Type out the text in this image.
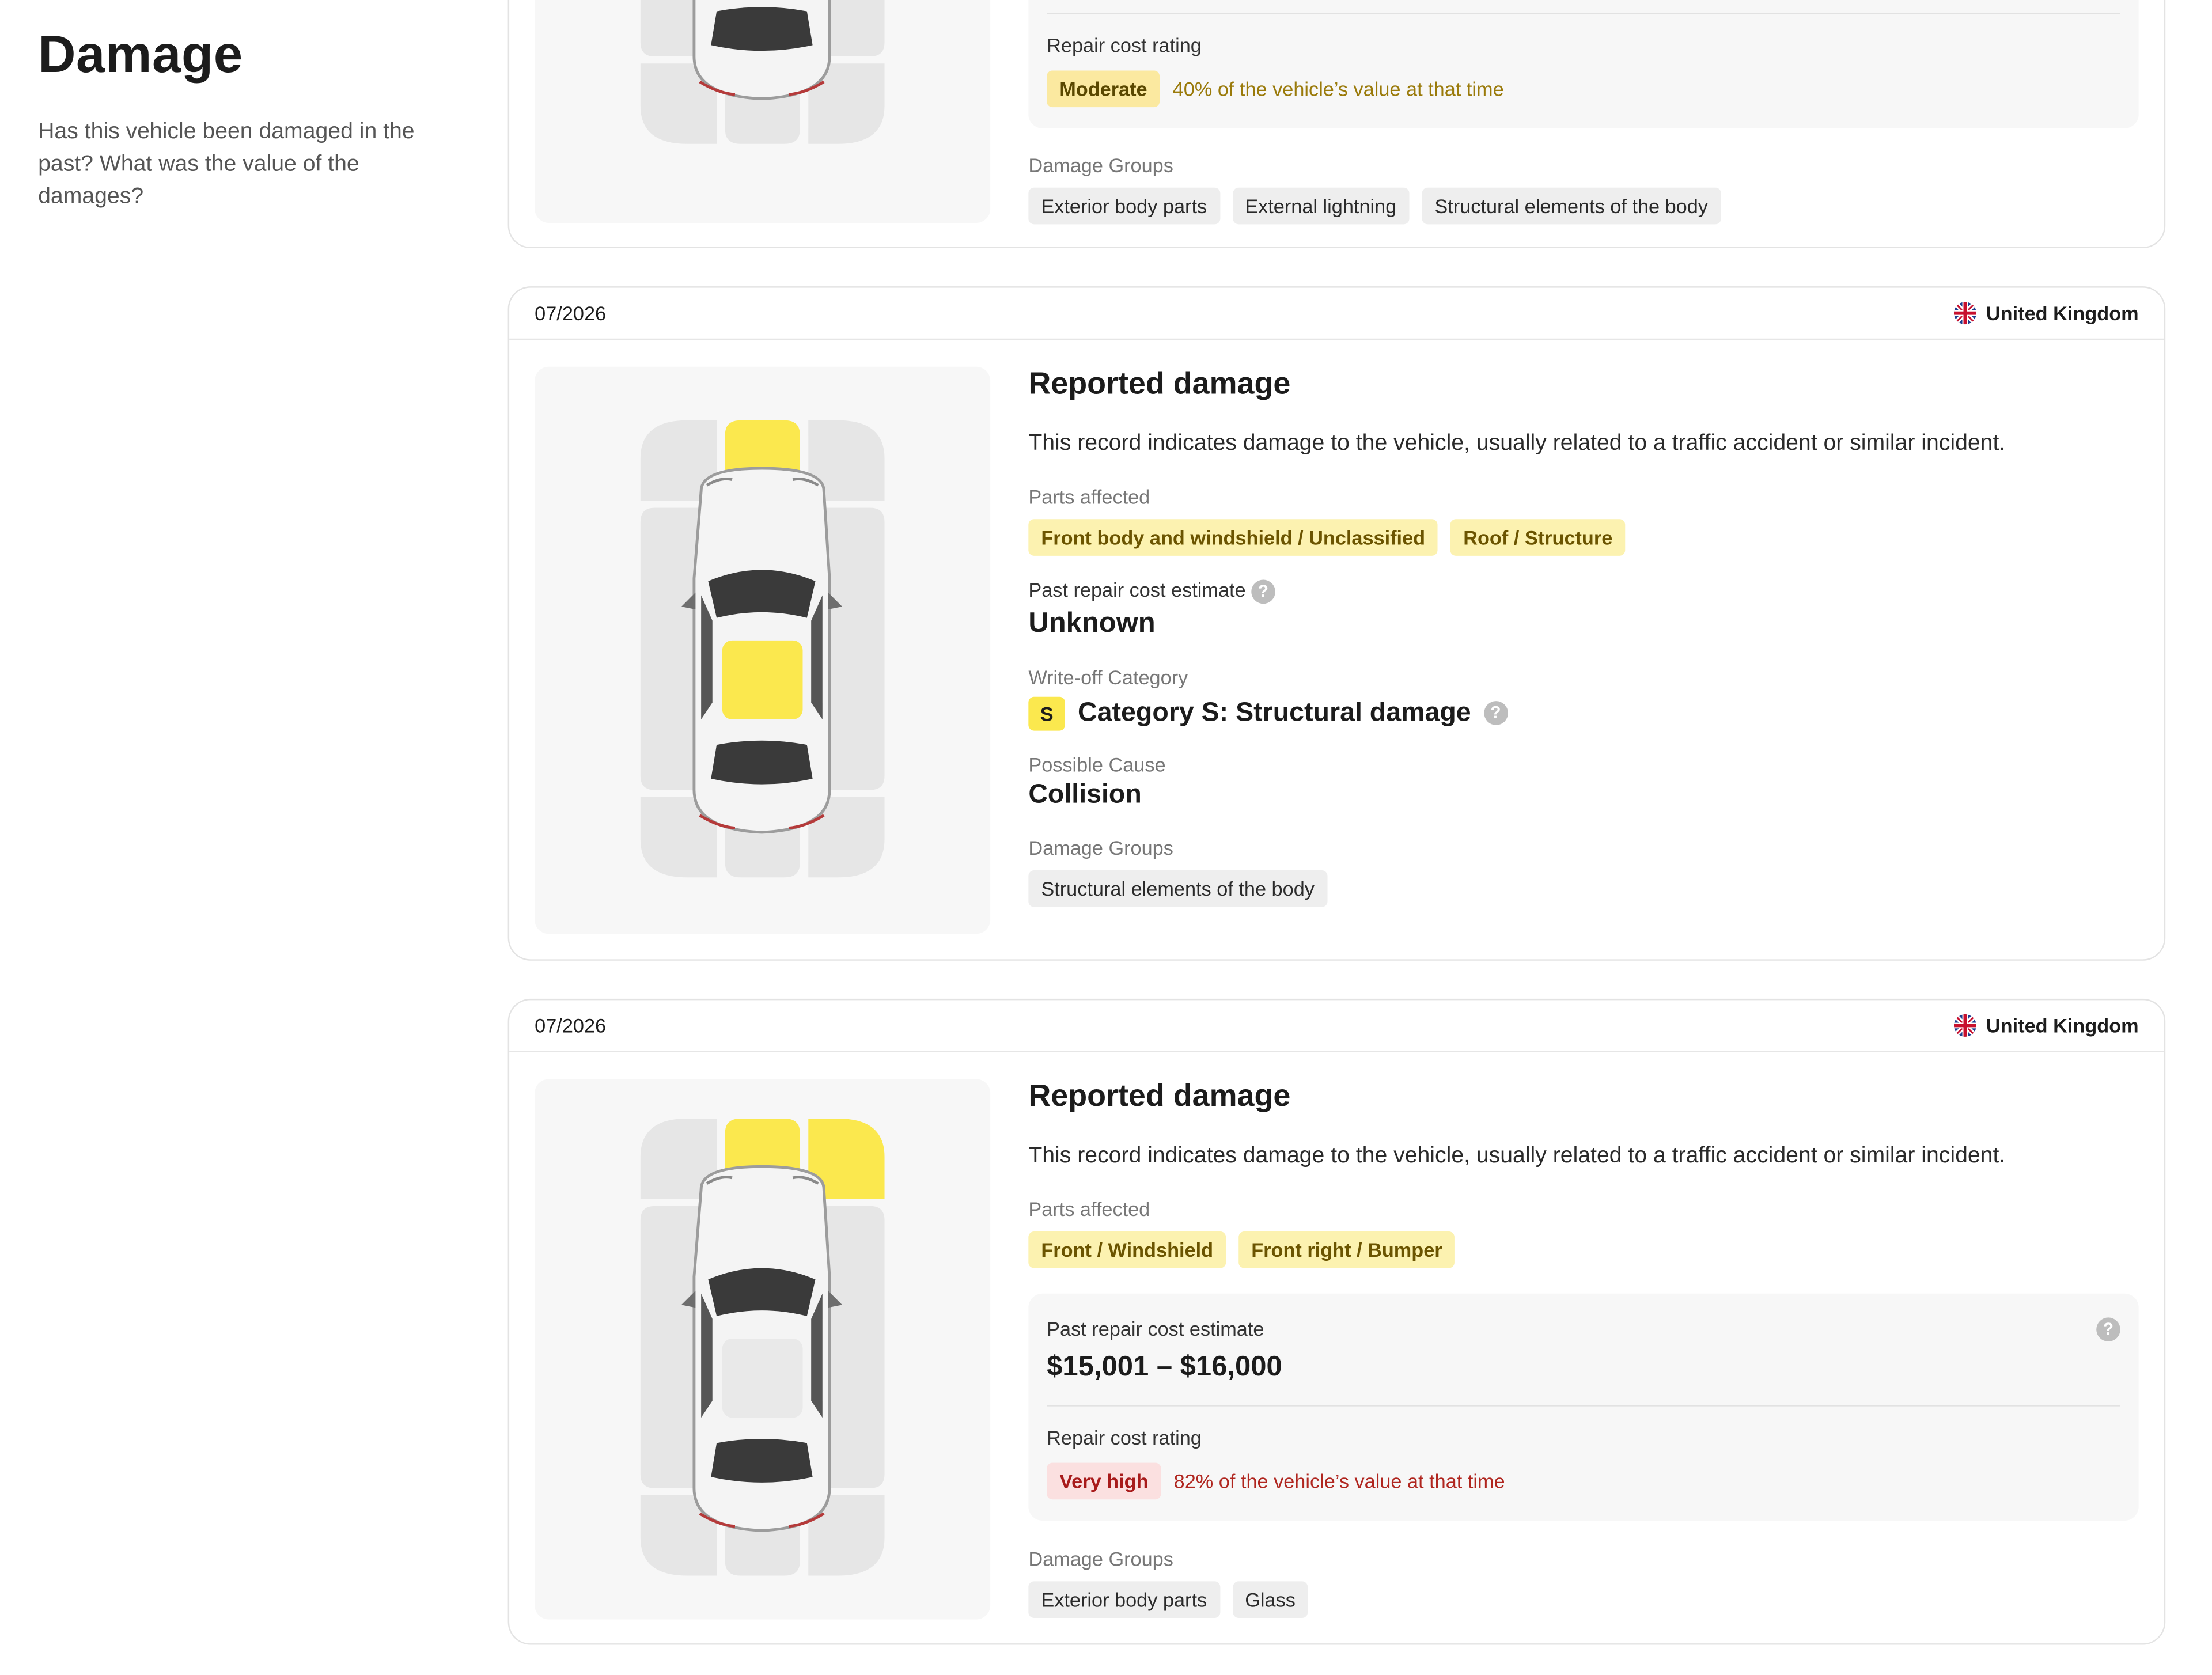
Damage

Has this vehicle been damaged in the past? What was the value of the damages?

Repair cost rating
Moderate	40% of the vehicle’s value at that time
Damage Groups
Exterior body parts	External lightning	Structural elements of the body
07/2026	United Kingdom
Reported damage
This record indicates damage to the vehicle, usually related to a traffic accident or similar incident.
Parts affected
Front body and windshield / Unclassified	Roof / Structure
Past repair cost estimate ?
Unknown
Write-off Category
S	Category S: Structural damage	?
Possible Cause
Collision
Damage Groups
Structural elements of the body
07/2026	United Kingdom
Reported damage
This record indicates damage to the vehicle, usually related to a traffic accident or similar incident.
Parts affected
Front / Windshield	Front right / Bumper
Past repair cost estimate
$15,001 – $16,000
?
Repair cost rating
Very high	82% of the vehicle’s value at that time
Damage Groups
Exterior body parts	Glass
